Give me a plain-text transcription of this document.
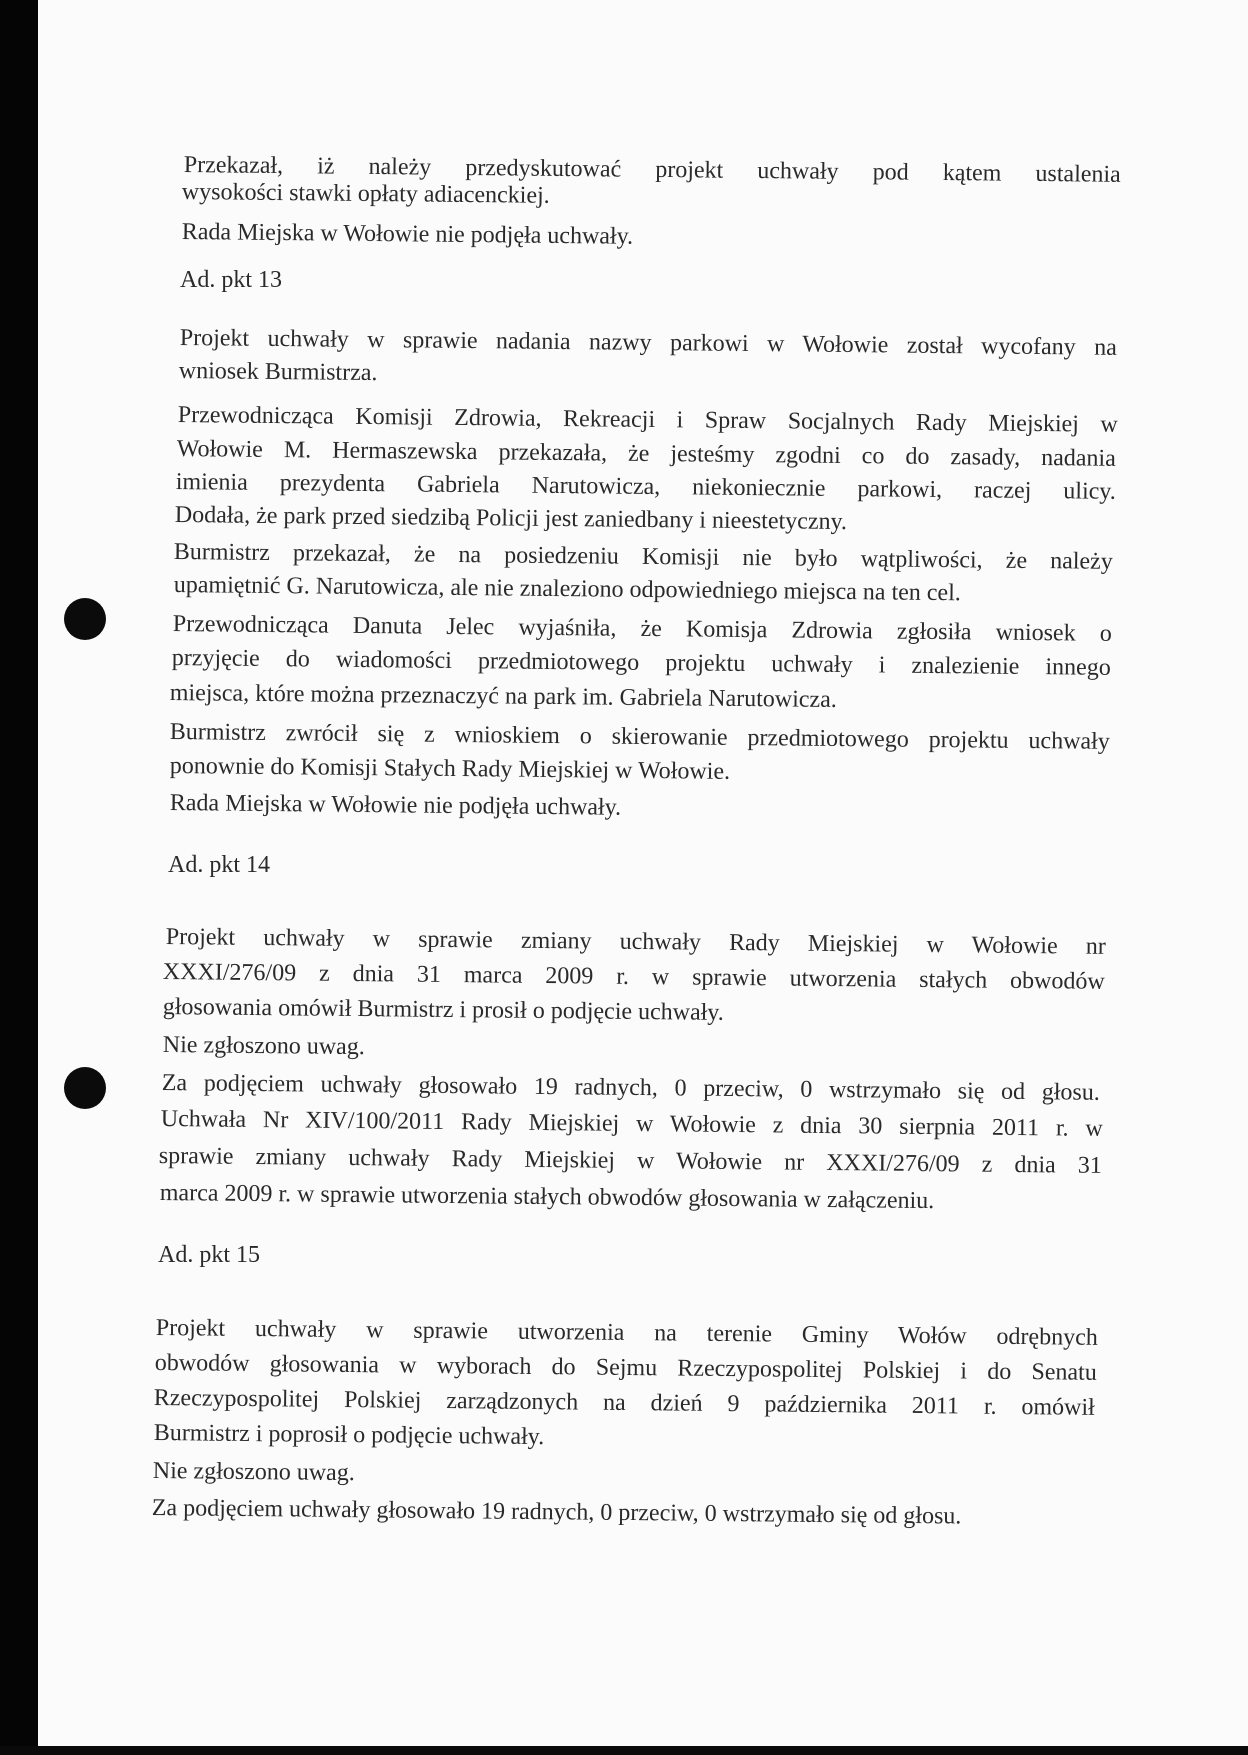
Przekazał, iż należy przedyskutować projekt uchwały pod kątem ustalenia
wysokości stawki opłaty adiacenckiej.
Rada Miejska w Wołowie nie podjęła uchwały.
Ad. pkt 13
Projekt uchwały w sprawie nadania nazwy parkowi w Wołowie został wycofany na
wniosek Burmistrza.
Przewodnicząca Komisji Zdrowia, Rekreacji i Spraw Socjalnych Rady Miejskiej w
Wołowie M. Hermaszewska przekazała, że jesteśmy zgodni co do zasady, nadania
imienia prezydenta Gabriela Narutowicza, niekoniecznie parkowi, raczej ulicy.
Dodała, że park przed siedzibą Policji jest zaniedbany i nieestetyczny.
Burmistrz przekazał, że na posiedzeniu Komisji nie było wątpliwości, że należy
upamiętnić G. Narutowicza, ale nie znaleziono odpowiedniego miejsca na ten cel.
Przewodnicząca Danuta Jelec wyjaśniła, że Komisja Zdrowia zgłosiła wniosek o
przyjęcie do wiadomości przedmiotowego projektu uchwały i znalezienie innego
miejsca, które można przeznaczyć na park im. Gabriela Narutowicza.
Burmistrz zwrócił się z wnioskiem o skierowanie przedmiotowego projektu uchwały
ponownie do Komisji Stałych Rady Miejskiej w Wołowie.
Rada Miejska w Wołowie nie podjęła uchwały.
Ad. pkt 14
Projekt uchwały w sprawie zmiany uchwały Rady Miejskiej w Wołowie nr
XXXI/276/09 z dnia 31 marca 2009 r. w sprawie utworzenia stałych obwodów
głosowania omówił Burmistrz i prosił o podjęcie uchwały.
Nie zgłoszono uwag.
Za podjęciem uchwały głosowało 19 radnych, 0 przeciw, 0 wstrzymało się od głosu.
Uchwała Nr XIV/100/2011 Rady Miejskiej w Wołowie z dnia 30 sierpnia 2011 r. w
sprawie zmiany uchwały Rady Miejskiej w Wołowie nr XXXI/276/09 z dnia 31
marca 2009 r. w sprawie utworzenia stałych obwodów głosowania w załączeniu.
Ad. pkt 15
Projekt uchwały w sprawie utworzenia na terenie Gminy Wołów odrębnych
obwodów głosowania w wyborach do Sejmu Rzeczypospolitej Polskiej i do Senatu
Rzeczypospolitej Polskiej zarządzonych na dzień 9 października 2011 r. omówił
Burmistrz i poprosił o podjęcie uchwały.
Nie zgłoszono uwag.
Za podjęciem uchwały głosowało 19 radnych, 0 przeciw, 0 wstrzymało się od głosu.
